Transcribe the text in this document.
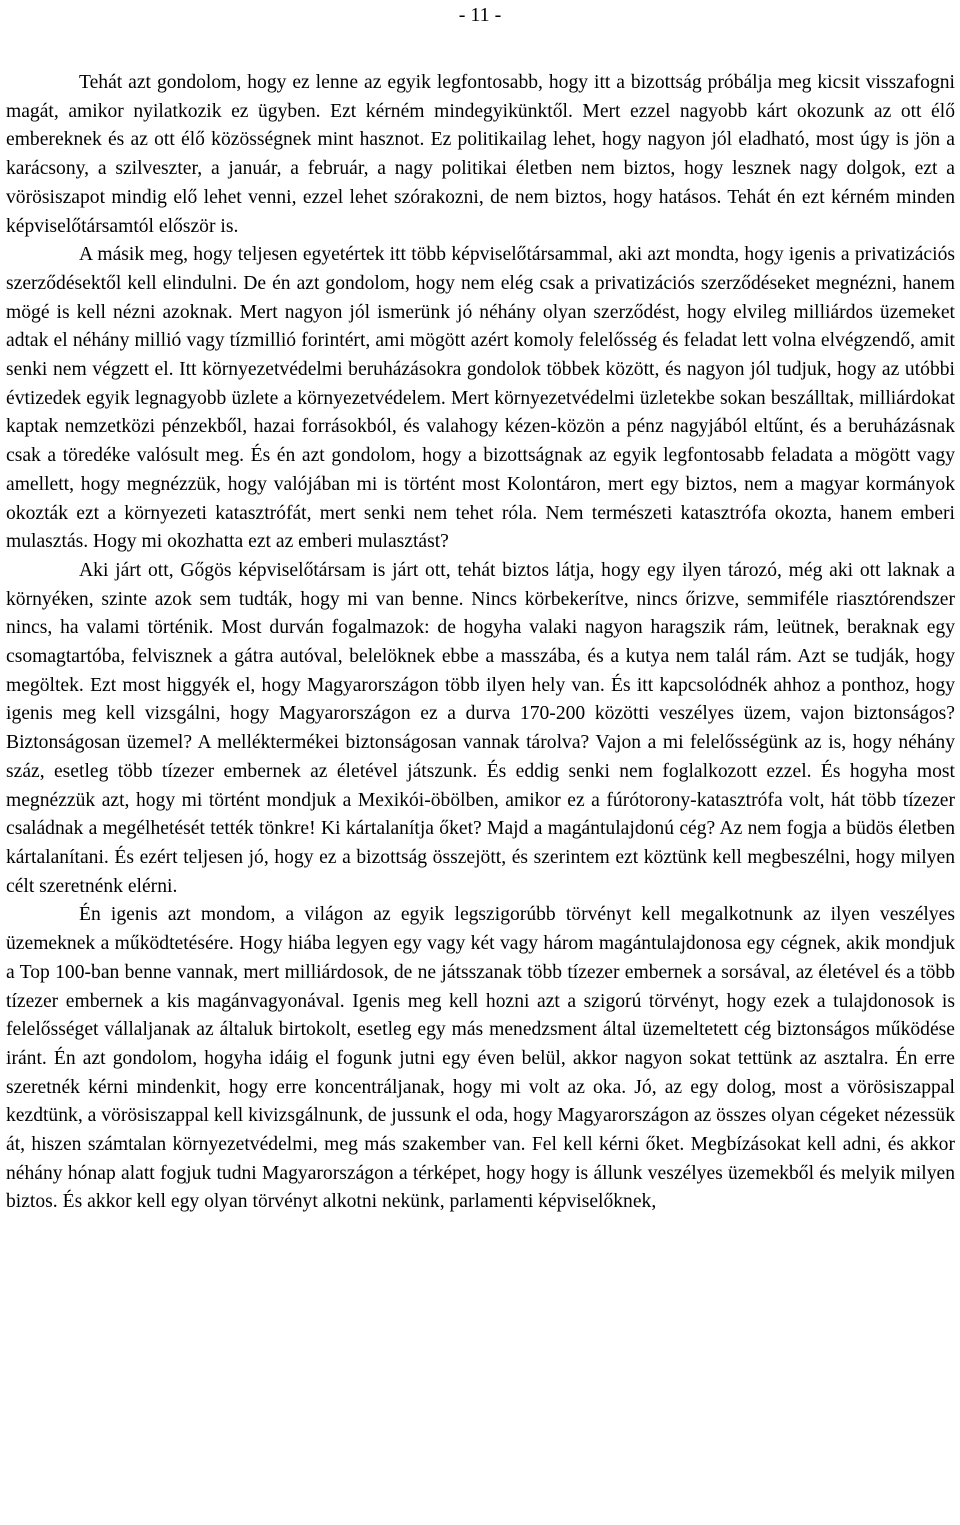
- 11 -

Tehát azt gondolom, hogy ez lenne az egyik legfontosabb, hogy itt a bizottság próbálja meg kicsit visszafogni magát, amikor nyilatkozik ez ügyben. Ezt kérném mindegyikünktől. Mert ezzel nagyobb kárt okozunk az ott élő embereknek és az ott élő közösségnek mint hasznot. Ez politikailag lehet, hogy nagyon jól eladható, most úgy is jön a karácsony, a szilveszter, a január, a február, a nagy politikai életben nem biztos, hogy lesznek nagy dolgok, ezt a vörösiszapot mindig elő lehet venni, ezzel lehet szórakozni, de nem biztos, hogy hatásos. Tehát én ezt kérném minden képviselőtársamtól először is.

A másik meg, hogy teljesen egyetértek itt több képviselőtársammal, aki azt mondta, hogy igenis a privatizációs szerződésektől kell elindulni. De én azt gondolom, hogy nem elég csak a privatizációs szerződéseket megnézni, hanem mögé is kell nézni azoknak. Mert nagyon jól ismerünk jó néhány olyan szerződést, hogy elvileg milliárdos üzemeket adtak el néhány millió vagy tízmillió forintért, ami mögött azért komoly felelősség és feladat lett volna elvégzendő, amit senki nem végzett el. Itt környezetvédelmi beruházásokra gondolok többek között, és nagyon jól tudjuk, hogy az utóbbi évtizedek egyik legnagyobb üzlete a környezetvédelem. Mert környezetvédelmi üzletekbe sokan beszálltak, milliárdokat kaptak nemzetközi pénzekből, hazai forrásokból, és valahogy kézen-közön a pénz nagyjából eltűnt, és a beruházásnak csak a töredéke valósult meg. És én azt gondolom, hogy a bizottságnak az egyik legfontosabb feladata a mögött vagy amellett, hogy megnézzük, hogy valójában mi is történt most Kolontáron, mert egy biztos, nem a magyar kormányok okozták ezt a környezeti katasztrófát, mert senki nem tehet róla. Nem természeti katasztrófa okozta, hanem emberi mulasztás. Hogy mi okozhatta ezt az emberi mulasztást?

Aki járt ott, Gőgös képviselőtársam is járt ott, tehát biztos látja, hogy egy ilyen tározó, még aki ott laknak a környéken, szinte azok sem tudták, hogy mi van benne. Nincs körbekerítve, nincs őrizve, semmiféle riasztórendszer nincs, ha valami történik. Most durván fogalmazok: de hogyha valaki nagyon haragszik rám, leütnek, beraknak egy csomagtartóba, felvisznek a gátra autóval, belelöknek ebbe a masszába, és a kutya nem talál rám. Azt se tudják, hogy megöltek. Ezt most higgyék el, hogy Magyarországon több ilyen hely van. És itt kapcsolódnék ahhoz a ponthoz, hogy igenis meg kell vizsgálni, hogy Magyarországon ez a durva 170-200 közötti veszélyes üzem, vajon biztonságos? Biztonságosan üzemel? A melléktermékei biztonságosan vannak tárolva? Vajon a mi felelősségünk az is, hogy néhány száz, esetleg több tízezer embernek az életével játszunk. És eddig senki nem foglalkozott ezzel. És hogyha most megnézzük azt, hogy mi történt mondjuk a Mexikói-öbölben, amikor ez a fúrótorony-katasztrófa volt, hát több tízezer családnak a megélhetését tették tönkre! Ki kártalanítja őket? Majd a magántulajdonú cég? Az nem fogja a büdös életben kártalanítani. És ezért teljesen jó, hogy ez a bizottság összejött, és szerintem ezt köztünk kell megbeszélni, hogy milyen célt szeretnénk elérni.

Én igenis azt mondom, a világon az egyik legszigorúbb törvényt kell megalkotnunk az ilyen veszélyes üzemeknek a működtetésére. Hogy hiába legyen egy vagy két vagy három magántulajdonosa egy cégnek, akik mondjuk a Top 100-ban benne vannak, mert milliárdosok, de ne játsszanak több tízezer embernek a sorsával, az életével és a több tízezer embernek a kis magánvagyonával. Igenis meg kell hozni azt a szigorú törvényt, hogy ezek a tulajdonosok is felelősséget vállaljanak az általuk birtokolt, esetleg egy más menedzsment által üzemeltetett cég biztonságos működése iránt. Én azt gondolom, hogyha idáig el fogunk jutni egy éven belül, akkor nagyon sokat tettünk az asztalra. Én erre szeretnék kérni mindenkit, hogy erre koncentráljanak, hogy mi volt az oka. Jó, az egy dolog, most a vörösiszappal kezdtünk, a vörösiszappal kell kivizsgálnunk, de jussunk el oda, hogy Magyarországon az összes olyan cégeket nézessük át, hiszen számtalan környezetvédelmi, meg más szakember van. Fel kell kérni őket. Megbízásokat kell adni, és akkor néhány hónap alatt fogjuk tudni Magyarországon a térképet, hogy hogy is állunk veszélyes üzemekből és melyik milyen biztos. És akkor kell egy olyan törvényt alkotni nekünk, parlamenti képviselőknek,
